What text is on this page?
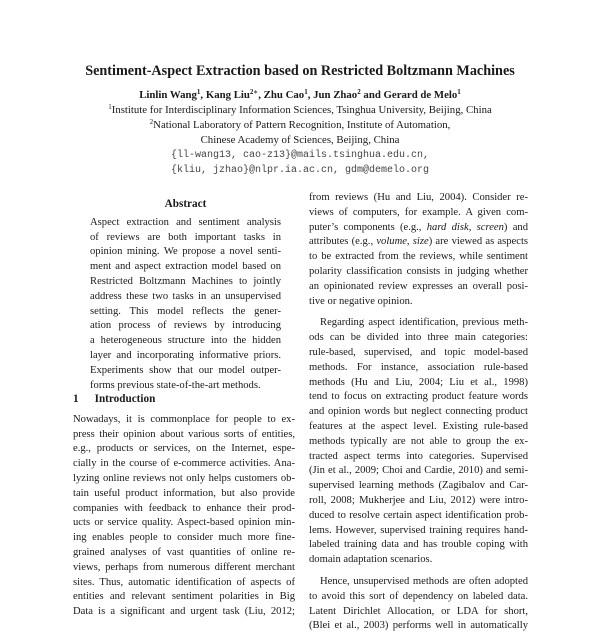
Sentiment-Aspect Extraction based on Restricted Boltzmann Machines
Linlin Wang$^1$, Kang Liu$^{2∗}$, Zhu Cao$^1$, Jun Zhao$^2$ and Gerard de Melo$^1$
$^1$Institute for Interdisciplinary Information Sciences, Tsinghua University, Beijing, China
$^2$National Laboratory of Pattern Recognition, Institute of Automation,
Chinese Academy of Sciences, Beijing, China
{ll-wang13, cao-z13}@mails.tsinghua.edu.cn,
{kliu, jzhao}@nlpr.ia.ac.cn, gdm@demelo.org
Abstract
Aspect extraction and sentiment analysis
of reviews are both important tasks in
opinion mining. We propose a novel senti-
ment and aspect extraction model based on
Restricted Boltzmann Machines to jointly
address these two tasks in an unsupervised
setting. This model reflects the gener-
ation process of reviews by introducing
a heterogeneous structure into the hidden
layer and incorporating informative priors.
Experiments show that our model outper-
forms previous state-of-the-art methods.
1 Introduction
Nowadays, it is commonplace for people to ex-
press their opinion about various sorts of entities,
e.g., products or services, on the Internet, espe-
cially in the course of e-commerce activities. Ana-
lyzing online reviews not only helps customers ob-
tain useful product information, but also provide
companies with feedback to enhance their prod-
ucts or service quality. Aspect-based opinion min-
ing enables people to consider much more fine-
grained analyses of vast quantities of online re-
views, perhaps from numerous different merchant
sites. Thus, automatic identification of aspects of
entities and relevant sentiment polarities in Big
Data is a significant and urgent task (Liu, 2012;
from reviews (Hu and Liu, 2004). Consider re-
views of computers, for example. A given com-
puter’s components (e.g., hard disk, screen) and
attributes (e.g., volume, size) are viewed as aspects
to be extracted from the reviews, while sentiment
polarity classification consists in judging whether
an opinionated review expresses an overall posi-
tive or negative opinion.
Regarding aspect identification, previous meth-
ods can be divided into three main categories:
rule-based, supervised, and topic model-based
methods. For instance, association rule-based
methods (Hu and Liu, 2004; Liu et al., 1998)
tend to focus on extracting product feature words
and opinion words but neglect connecting product
features at the aspect level. Existing rule-based
methods typically are not able to group the ex-
tracted aspect terms into categories. Supervised
(Jin et al., 2009; Choi and Cardie, 2010) and semi-
supervised learning methods (Zagibalov and Car-
roll, 2008; Mukherjee and Liu, 2012) were intro-
duced to resolve certain aspect identification prob-
lems. However, supervised training requires hand-
labeled training data and has trouble coping with
domain adaptation scenarios.
Hence, unsupervised methods are often adopted
to avoid this sort of dependency on labeled data.
Latent Dirichlet Allocation, or LDA for short,
(Blei et al., 2003) performs well in automatically
